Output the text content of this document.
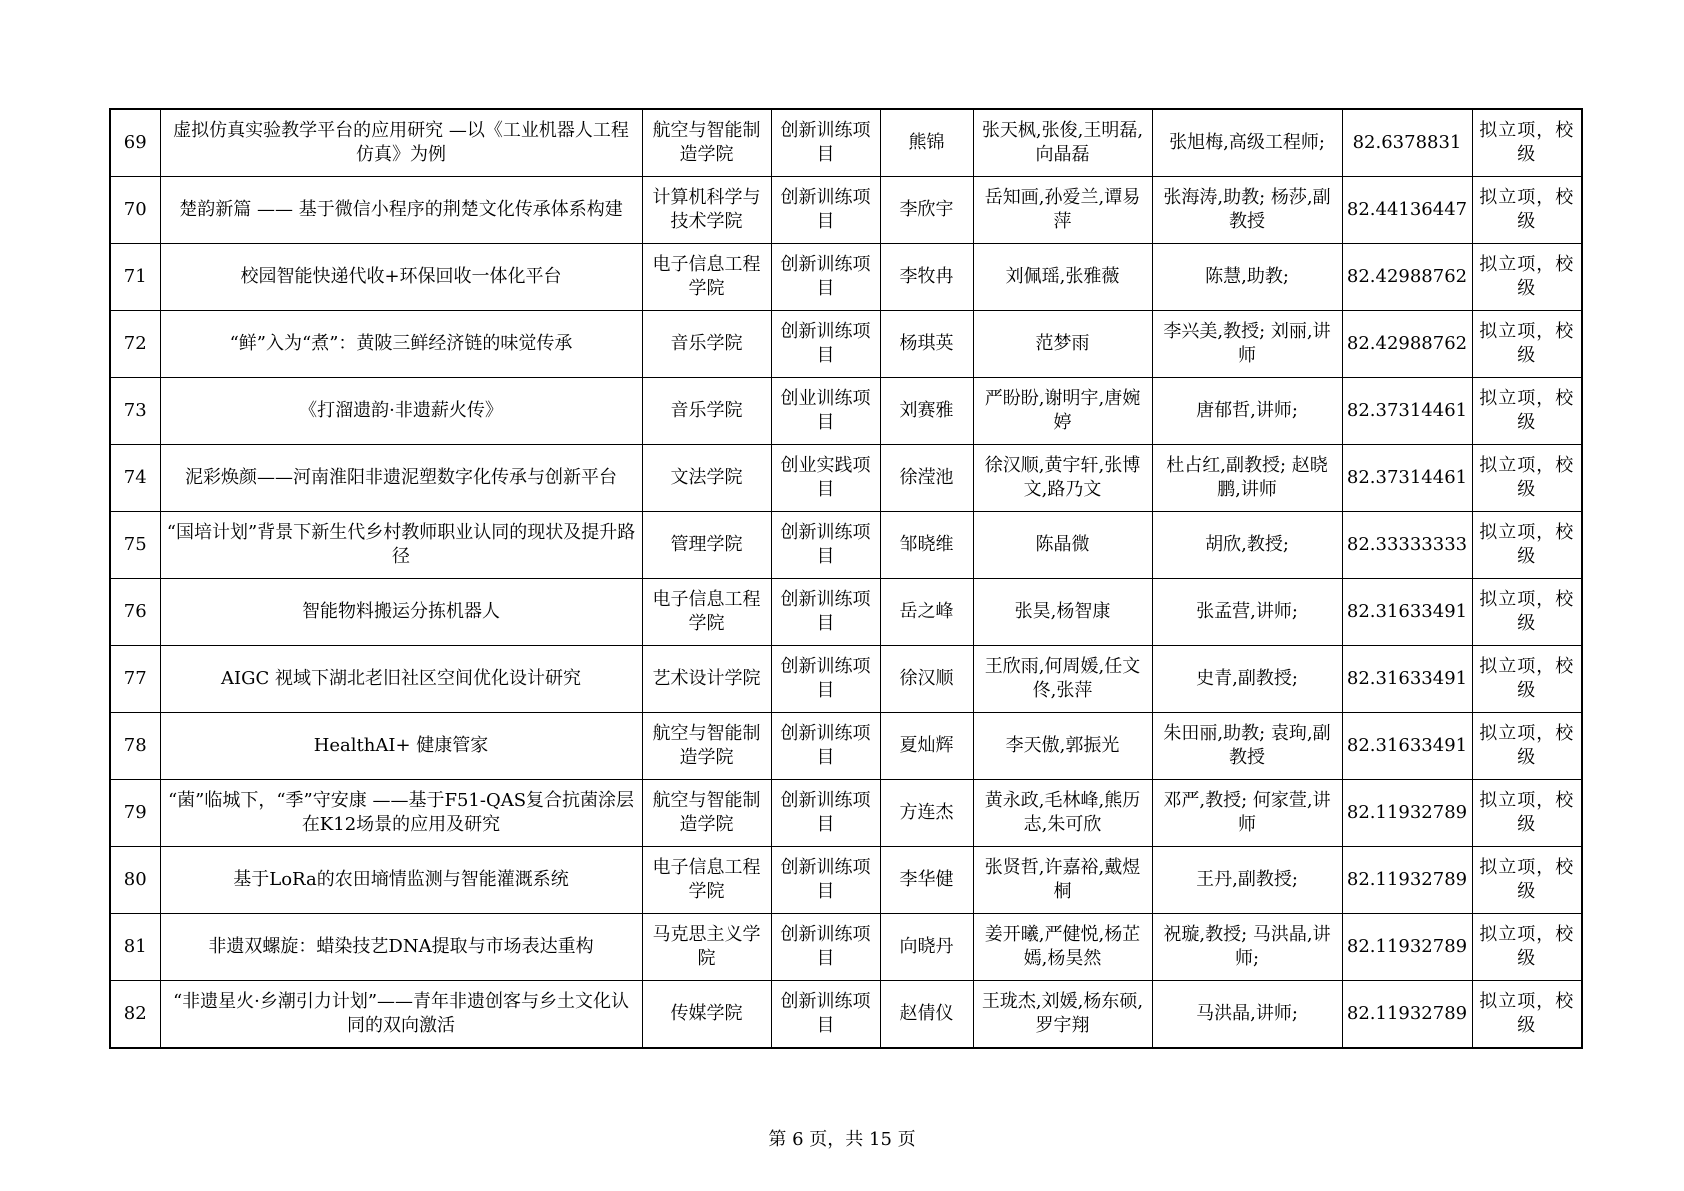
69	虚拟仿真实验教学平台的应用研究 —以《工业机器人工程仿真》为例	航空与智能制造学院	创新训练项目	熊锦	张天枫,张俊,王明磊,向晶磊	张旭梅,高级工程师;	82.6378831	拟立项，校级
70	楚韵新篇 —— 基于微信小程序的荆楚文化传承体系构建	计算机科学与技术学院	创新训练项目	李欣宇	岳知画,孙爱兰,谭易萍	张海涛,助教; 杨莎,副教授	82.44136447	拟立项，校级
71	校园智能快递代收+环保回收一体化平台	电子信息工程学院	创新训练项目	李牧冉	刘佩瑶,张雅薇	陈慧,助教;	82.42988762	拟立项，校级
72	“鲜”入为“煮”：黄陂三鲜经济链的味觉传承	音乐学院	创新训练项目	杨琪英	范梦雨	李兴美,教授; 刘丽,讲师	82.42988762	拟立项，校级
73	《打溜遗韵·非遗薪火传》	音乐学院	创业训练项目	刘赛雅	严盼盼,谢明宇,唐婉婷	唐郁哲,讲师;	82.37314461	拟立项，校级
74	泥彩焕颜——河南淮阳非遗泥塑数字化传承与创新平台	文法学院	创业实践项目	徐滢池	徐汉顺,黄宇轩,张博文,路乃文	杜占红,副教授; 赵晓鹏,讲师	82.37314461	拟立项，校级
75	“国培计划”背景下新生代乡村教师职业认同的现状及提升路径	管理学院	创新训练项目	邹晓维	陈晶微	胡欣,教授;	82.33333333	拟立项，校级
76	智能物料搬运分拣机器人	电子信息工程学院	创新训练项目	岳之峰	张昊,杨智康	张孟营,讲师;	82.31633491	拟立项，校级
77	AIGC 视域下湖北老旧社区空间优化设计研究	艺术设计学院	创新训练项目	徐汉顺	王欣雨,何周媛,任文佟,张萍	史青,副教授;	82.31633491	拟立项，校级
78	HealthAI+ 健康管家	航空与智能制造学院	创新训练项目	夏灿辉	李天傲,郭振光	朱田丽,助教; 袁珣,副教授	82.31633491	拟立项，校级
79	“菌”临城下，“季”守安康 ——基于F51-QAS复合抗菌涂层在K12场景的应用及研究	航空与智能制造学院	创新训练项目	方连杰	黄永政,毛林峰,熊历志,朱可欣	邓严,教授; 何家萱,讲师	82.11932789	拟立项，校级
80	基于LoRa的农田墒情监测与智能灌溉系统	电子信息工程学院	创新训练项目	李华健	张贤哲,许嘉裕,戴煜桐	王丹,副教授;	82.11932789	拟立项，校级
81	非遗双螺旋：蜡染技艺DNA提取与市场表达重构	马克思主义学院	创新训练项目	向晓丹	姜开曦,严健悦,杨芷嫣,杨昊然	祝璇,教授; 马洪晶,讲师;	82.11932789	拟立项，校级
82	“非遗星火·乡潮引力计划”——青年非遗创客与乡土文化认同的双向激活	传媒学院	创新训练项目	赵倩仪	王珑杰,刘媛,杨东硕,罗宇翔	马洪晶,讲师;	82.11932789	拟立项，校级
第 6 页，共 15 页
